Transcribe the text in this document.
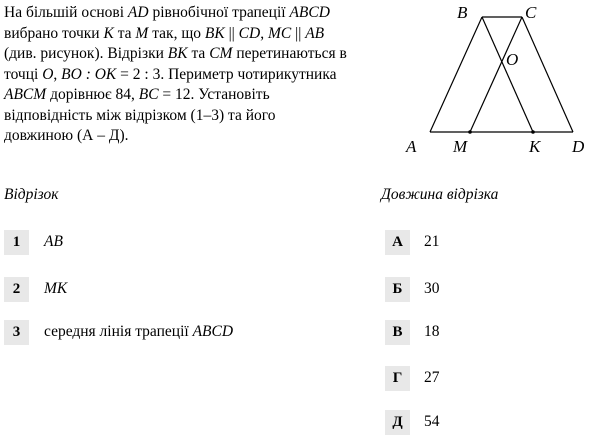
На більшій основі AD рівнобічної трапеції ABCD
вибрано точки K та M так, що BK || CD, MC || AB
(див. рисунок). Відрізки BK та CM перетинаються в
точці O, BO : OK = 2 : 3. Периметр чотирикутника
ABCM дорівнює 84, BC = 12. Установіть
відповідність між відрізком (1–3) та його
довжиною (А – Д).
B	C
O
A M	K D
Відрізок	Довжина відрізка
1	AB
2	MK
3	середня лінія трапеції ABCD
А	21
Б	30
В	18
Г	27
Д	54
